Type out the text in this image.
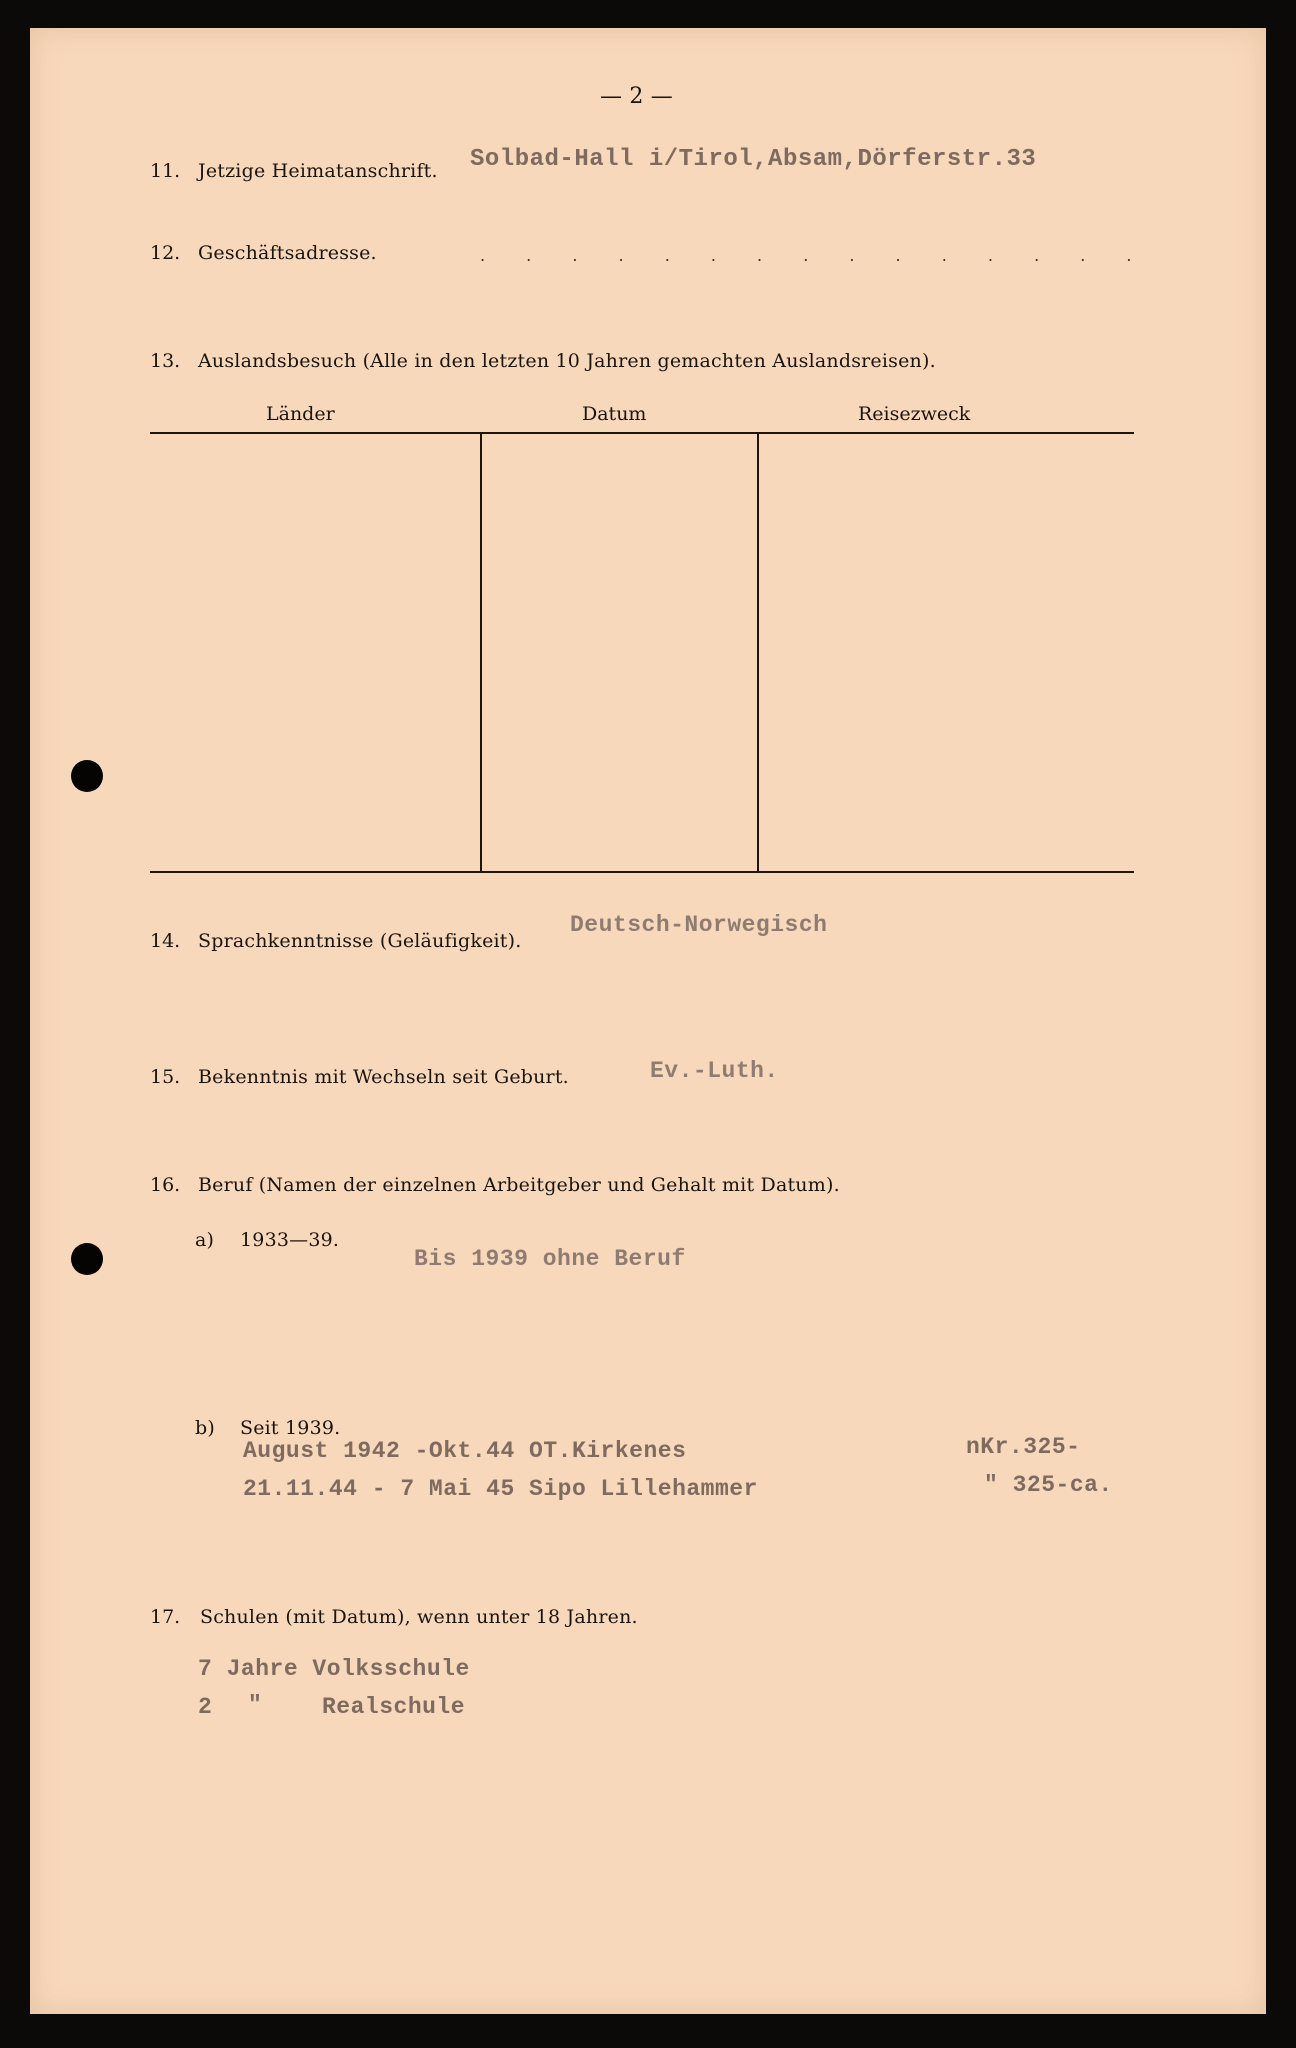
— 2 —
11. Jetzige Heimatanschrift. Solbad-Hall i/Tirol,Absam,Dörferstr.33
12. Geschäftsadresse.	. . . . . . . . . . . . . . .
13. Auslandsbesuch (Alle in den letzten 10 Jahren gemachten Auslandsreisen).
Länder	Datum	Reisezweck
14. Sprachkenntnisse (Geläufigkeit).
Deutsch-Norwegisch
15. Bekenntnis mit Wechseln seit Geburt.	Ev.-Luth.
16. Beruf (Namen der einzelnen Arbeitgeber und Gehalt mit Datum).
a) 1933—39.
Bis 1939 ohne Beruf
b) Seit 1939.
August 1942 -Okt.44 OT.Kirkenes	nKr.325-
21.11.44 - 7 Mai 45 Sipo Lillehammer	" 325-ca.
17. Schulen (mit Datum), wenn unter 18 Jahren.
7 Jahre Volksschule
2 "	Realschule
